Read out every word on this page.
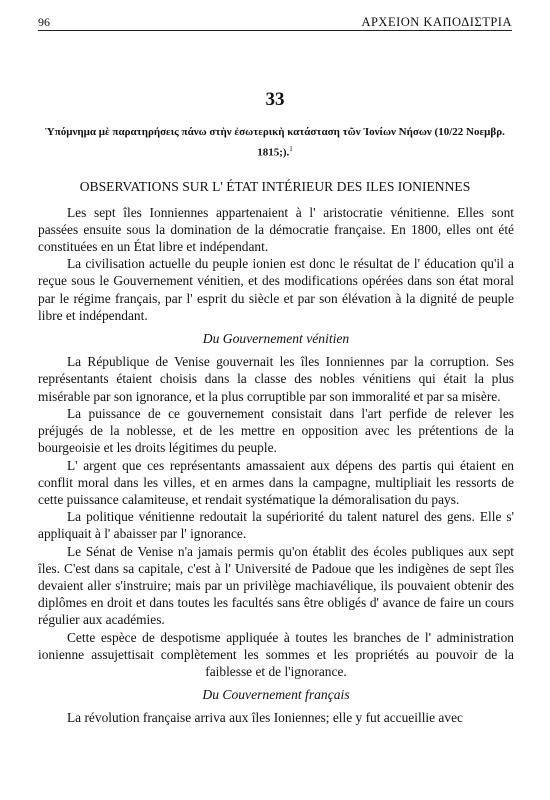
96	ΑΡΧΕΙΟΝ ΚΑΠΟΔΙΣΤΡΙΑ
33
Ὑπόμνημα μὲ παρατηρήσεις πάνω στὴν ἐσωτερικὴ κατάσταση τῶν Ἰονίων Νήσων (10/22 Νοεμβρ. 1815;).$^1$
OBSERVATIONS SUR L' ÉTAT INTÉRIEUR DES ILES IONIENNES

Les sept îles Ionniennes appartenaient à l' aristocratie vénitienne. Elles sont passées ensuite sous la domination de la démocratie française. En 1800, elles ont été constituées en un État libre et indépendant.

La civilisation actuelle du peuple ionien est donc le résultat de l' éducation qu'il a reçue sous le Gouvernement vénitien, et des modifications opérées dans son état moral par le régime français, par l' esprit du siècle et par son élévation à la dignité de peuple libre et indépendant.

Du Gouvernement vénitien

La République de Venise gouvernait les îles Ionniennes par la corruption. Ses représentants étaient choisis dans la classe des nobles vénitiens qui était la plus misérable par son ignorance, et la plus corruptible par son immoralité et par sa misère.

La puissance de ce gouvernement consistait dans l'art perfide de relever les préjugés de la noblesse, et de les mettre en opposition avec les prétentions de la bourgeoisie et les droits légitimes du peuple.

L' argent que ces représentants amassaient aux dépens des partis qui étaient en conflit moral dans les villes, et en armes dans la campagne, multipliait les ressorts de cette puissance calamiteuse, et rendait systématique la démoralisation du pays.

La politique vénitienne redoutait la supériorité du talent naturel des gens. Elle s' appliquait à l' abaisser par l' ignorance.

Le Sénat de Venise n'a jamais permis qu'on établit des écoles publiques aux sept îles. C'est dans sa capitale, c'est à l' Université de Padoue que les indigènes de sept îles devaient aller s'instruire; mais par un privilège machiavélique, ils pouvaient obtenir des diplômes en droit et dans toutes les facultés sans être obligés d' avance de faire un cours régulier aux académies.

Cette espèce de despotisme appliquée à toutes les branches de l' administration ionienne assujettisait complètement les sommes et les propriétés au pouvoir de la faiblesse et de l'ignorance.

Du Couvernement français

La révolution française arriva aux îles Ioniennes; elle y fut accueillie avec
